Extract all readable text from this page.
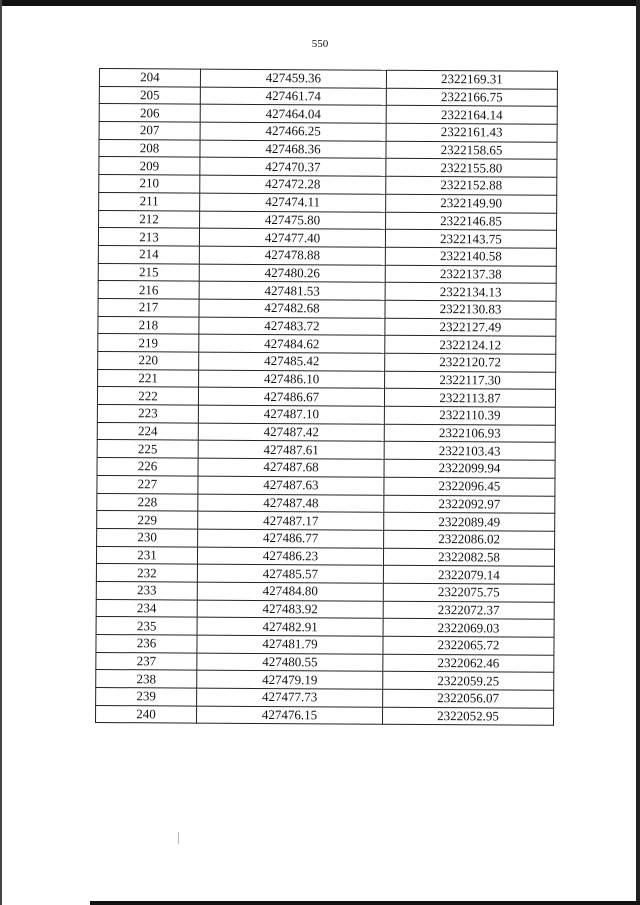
550
204	427459.36	2322169.31
205	427461.74	2322166.75
206	427464.04	2322164.14
207	427466.25	2322161.43
208	427468.36	2322158.65
209	427470.37	2322155.80
210	427472.28	2322152.88
211	427474.11	2322149.90
212	427475.80	2322146.85
213	427477.40	2322143.75
214	427478.88	2322140.58
215	427480.26	2322137.38
216	427481.53	2322134.13
217	427482.68	2322130.83
218	427483.72	2322127.49
219	427484.62	2322124.12
220	427485.42	2322120.72
221	427486.10	2322117.30
222	427486.67	2322113.87
223	427487.10	2322110.39
224	427487.42	2322106.93
225	427487.61	2322103.43
226	427487.68	2322099.94
227	427487.63	2322096.45
228	427487.48	2322092.97
229	427487.17	2322089.49
230	427486.77	2322086.02
231	427486.23	2322082.58
232	427485.57	2322079.14
233	427484.80	2322075.75
234	427483.92	2322072.37
235	427482.91	2322069.03
236	427481.79	2322065.72
237	427480.55	2322062.46
238	427479.19	2322059.25
239	427477.73	2322056.07
240	427476.15	2322052.95
